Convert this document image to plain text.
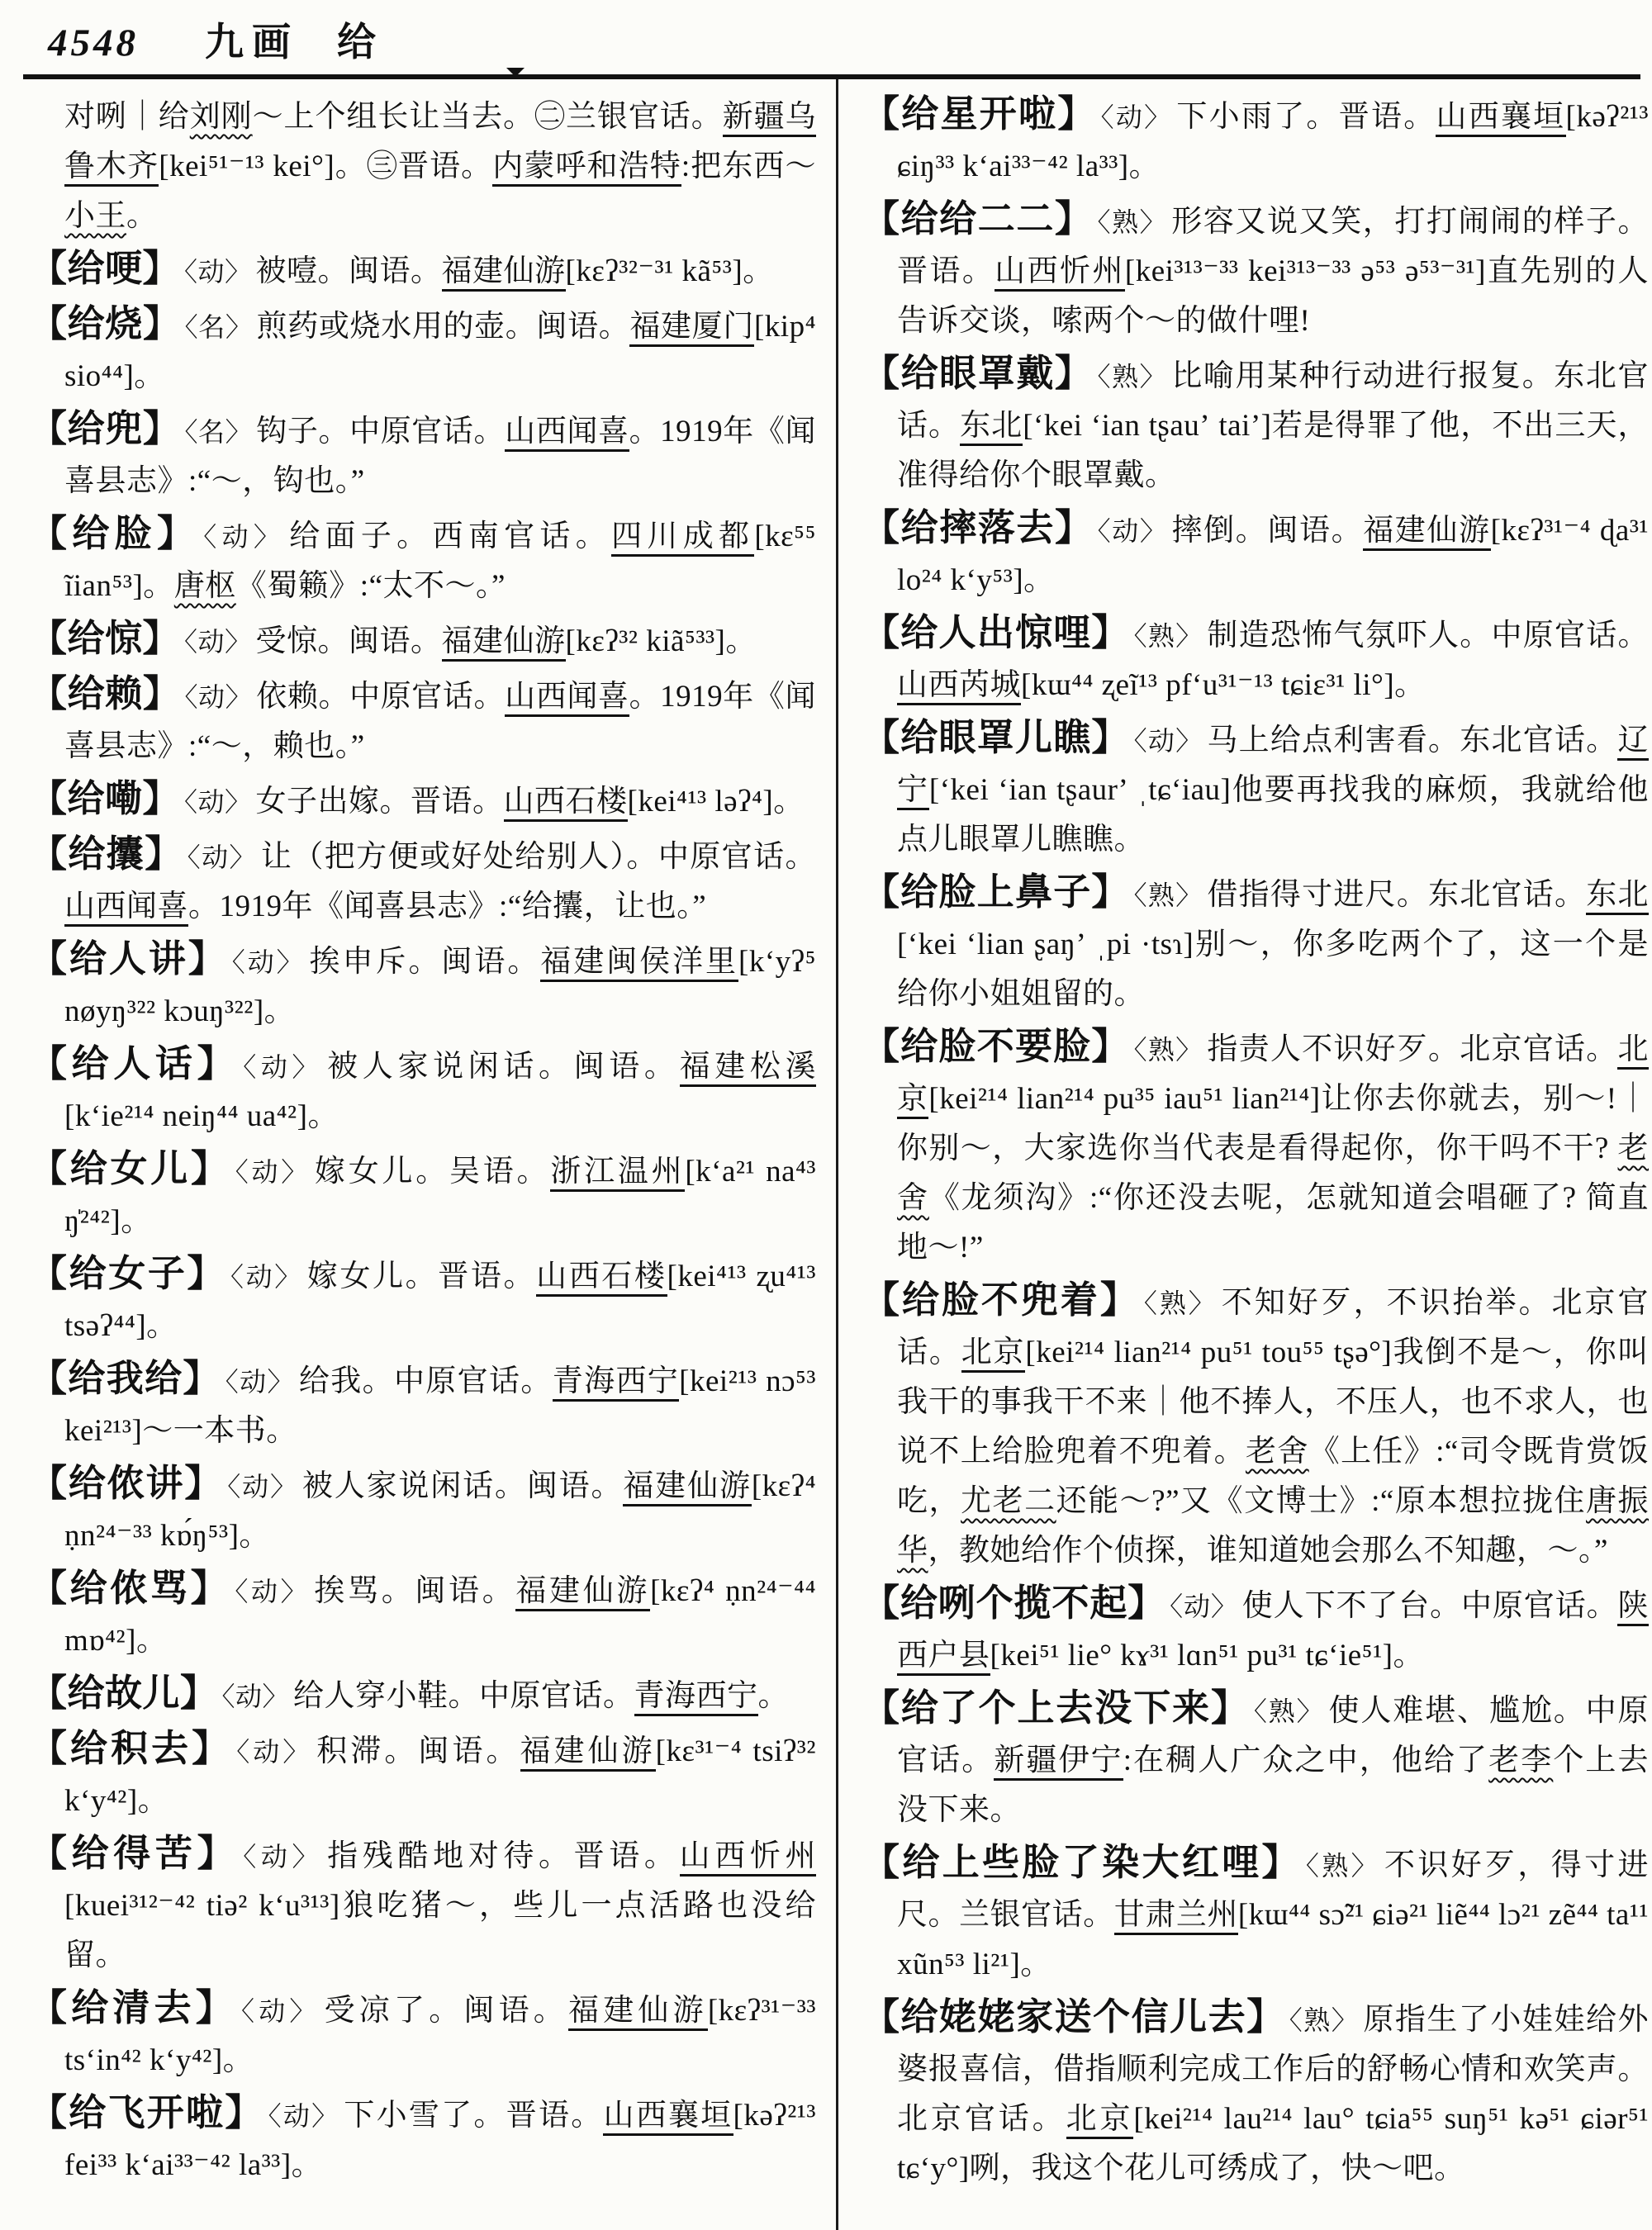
4548 九画 给
对咧｜给刘刚～上个组长让当去。㊁兰银官话。新疆乌鲁木齐[kei⁵¹⁻¹³ kei°]。㊂晋语。内蒙呼和浩特:把东西～小王。
【给哽】 〈动〉 被噎。闽语。福建仙游[kɛʔ³²⁻³¹ kã⁵³]。
【给烧】 〈名〉 煎药或烧水用的壶。闽语。福建厦门[kip⁴ sio⁴⁴]。
【给兜】 〈名〉 钩子。中原官话。山西闻喜。1919年《闻喜县志》:“～，钩也。”
【给脸】 〈动〉 给面子。西南官话。四川成都[kɛ⁵⁵ ĩian⁵³]。唐枢《蜀籁》:“太不～。”
【给惊】 〈动〉 受惊。闽语。福建仙游[kɛʔ³² kiã⁵³³]。
【给赖】 〈动〉 依赖。中原官话。山西闻喜。1919年《闻喜县志》:“～，赖也。”
【给嘞】 〈动〉 女子出嫁。晋语。山西石楼[kei⁴¹³ ləʔ⁴]。
【给攮】 〈动〉 让（把方便或好处给别人）。中原官话。山西闻喜。1919年《闻喜县志》:“给攮，让也。”
【给人讲】 〈动〉 挨申斥。闽语。福建闽侯洋里[kʻyʔ⁵ nøyŋ³²² kɔuŋ³²²]。
【给人话】 〈动〉 被人家说闲话。闽语。福建松溪[kʻie²¹⁴ neiŋ⁴⁴ ua⁴²]。
【给女儿】 〈动〉 嫁女儿。吴语。浙江温州[kʻa²¹ na⁴³ ŋ̍²⁴²]。
【给女子】 〈动〉 嫁女儿。晋语。山西石楼[kei⁴¹³ ʐu⁴¹³ tsəʔ⁴⁴]。
【给我给】 〈动〉 给我。中原官话。青海西宁[kei²¹³ nɔ⁵³ kei²¹³]～一本书。
【给侬讲】 〈动〉 被人家说闲话。闽语。福建仙游[kɛʔ⁴ ṇn²⁴⁻³³ kɒ́ŋ⁵³]。
【给侬骂】 〈动〉 挨骂。闽语。福建仙游[kɛʔ⁴ ṇn²⁴⁻⁴⁴ mɒ⁴²]。
【给故儿】 〈动〉 给人穿小鞋。中原官话。青海西宁。
【给积去】 〈动〉 积滞。闽语。福建仙游[kɛ³¹⁻⁴ tsiʔ³² kʻy⁴²]。
【给得苦】 〈动〉 指残酷地对待。晋语。山西忻州[kuei³¹²⁻⁴² tiə² kʻu³¹³]狼吃猪～，些儿一点活路也没给留。
【给清去】 〈动〉 受凉了。闽语。福建仙游[kɛʔ³¹⁻³³ tsʻin⁴² kʻy⁴²]。
【给飞开啦】 〈动〉 下小雪了。晋语。山西襄垣[kəʔ²¹³ fei³³ kʻai³³⁻⁴² la³³]。
【给星开啦】 〈动〉 下小雨了。晋语。山西襄垣[kəʔ²¹³ ɕiŋ³³ kʻai³³⁻⁴² la³³]。
【给给二二】 〈熟〉 形容又说又笑，打打闹闹的样子。晋语。山西忻州[kei³¹³⁻³³ kei³¹³⁻³³ ə⁵³ ə⁵³⁻³¹]直先别的人告诉交谈，嗦两个～的做什哩!
【给眼罩戴】 〈熟〉 比喻用某种行动进行报复。东北官话。东北[ʻkei ʻian tʂauʼ taiʼ]若是得罪了他，不出三天，准得给你个眼罩戴。
【给摔落去】 〈动〉 摔倒。闽语。福建仙游[kɛʔ³¹⁻⁴ ɖa³¹ lo²⁴ kʻy⁵³]。
【给人出惊哩】 〈熟〉 制造恐怖气氛吓人。中原官话。山西芮城[kɯ⁴⁴ ʐeĩ¹³ pfʻu³¹⁻¹³ tɕiɛ³¹ li°]。
【给眼罩儿瞧】 〈动〉 马上给点利害看。东北官话。辽宁[ʻkei ʻian tʂaurʼ ˌtɕʻiau]他要再找我的麻烦，我就给他点儿眼罩儿瞧瞧。
【给脸上鼻子】 〈熟〉 借指得寸进尺。东北官话。东北[ʻkei ʻlian ʂaŋʼ ˌpi ·tsɿ]别～，你多吃两个了，这一个是给你小姐姐留的。
【给脸不要脸】 〈熟〉 指责人不识好歹。北京官话。北京[kei²¹⁴ lian²¹⁴ pu³⁵ iau⁵¹ lian²¹⁴]让你去你就去，别～!｜你别～，大家选你当代表是看得起你，你干吗不干? 老舍《龙须沟》:“你还没去呢，怎就知道会唱砸了? 简直地～!”
【给脸不兜着】 〈熟〉 不知好歹，不识抬举。北京官话。北京[kei²¹⁴ lian²¹⁴ pu⁵¹ tou⁵⁵ tʂə°]我倒不是～，你叫我干的事我干不来｜他不捧人，不压人，也不求人，也说不上给脸兜着不兜着。老舍《上任》:“司令既肯赏饭吃，尤老二还能～?”又《文博士》:“原本想拉拢住唐振华，教她给作个侦探，谁知道她会那么不知趣，～。”
【给咧个揽不起】 〈动〉 使人下不了台。中原官话。陕西户县[kei⁵¹ lie° kɤ³¹ lɑn⁵¹ pu³¹ tɕʻie⁵¹]。
【给了个上去没下来】 〈熟〉 使人难堪、尴尬。中原官话。新疆伊宁:在稠人广众之中，他给了老李个上去没下来。
【给上些脸了染大红哩】 〈熟〉 不识好歹，得寸进尺。兰银官话。甘肃兰州[kɯ⁴⁴ sɔ̃²¹ ɕiə²¹ liẽ⁴⁴ lɔ²¹ zẽ⁴⁴ ta¹¹ xũn⁵³ li²¹]。
【给姥姥家送个信儿去】 〈熟〉 原指生了小娃娃给外婆报喜信，借指顺利完成工作后的舒畅心情和欢笑声。北京官话。北京[kei²¹⁴ lau²¹⁴ lau° tɕia⁵⁵ suŋ⁵¹ kə⁵¹ ɕiər⁵¹ tɕʻy°]咧，我这个花儿可绣成了，快～吧。
